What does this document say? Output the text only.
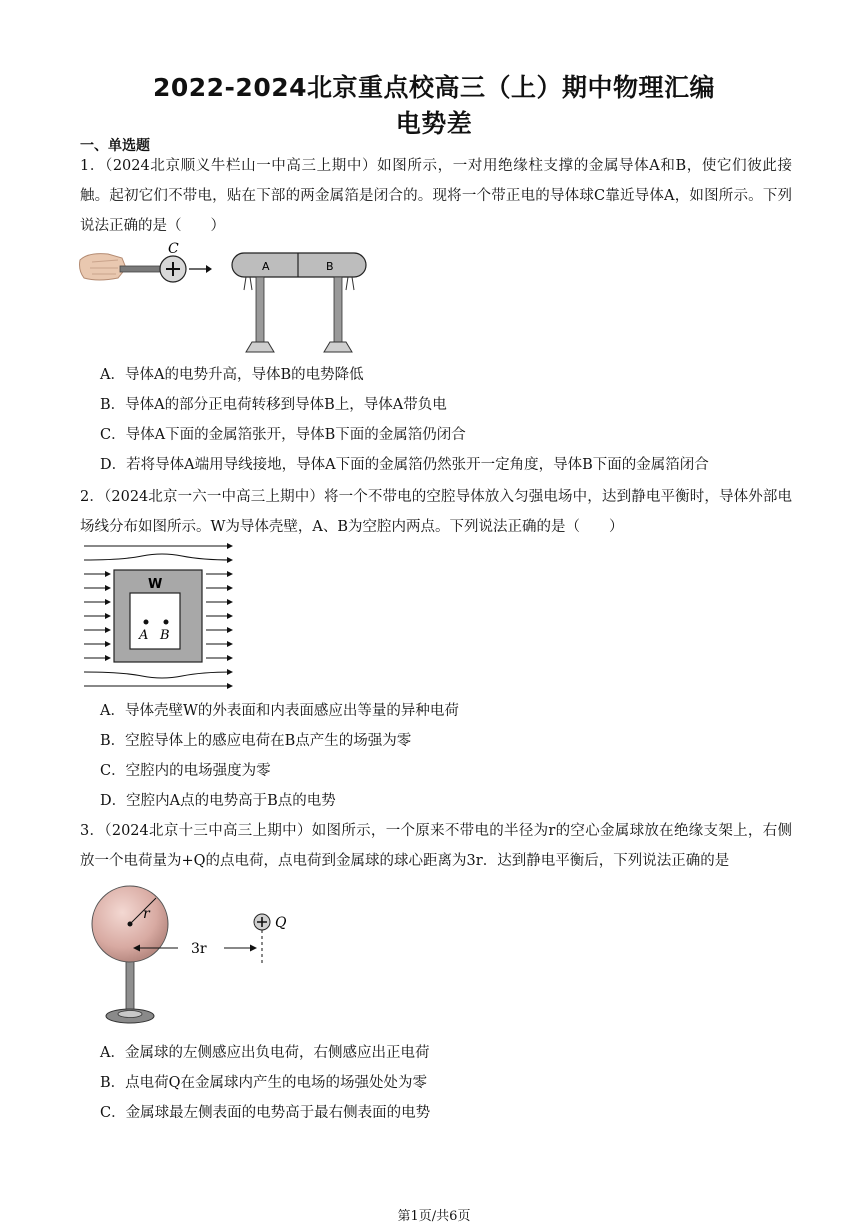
2022-2024北京重点校高三（上）期中物理汇编
电势差
一、单选题
1．（2024北京顺义牛栏山一中高三上期中）如图所示，一对用绝缘柱支撑的金属导体A和B，使它们彼此接触。起初它们不带电，贴在下部的两金属箔是闭合的。现将一个带正电的导体球C靠近导体A，如图所示。下列说法正确的是（　　）
C
A	B
A．导体A的电势升高，导体B的电势降低
B．导体A的部分正电荷转移到导体B上，导体A带负电
C．导体A下面的金属箔张开，导体B下面的金属箔仍闭合
D．若将导体A端用导线接地，导体A下面的金属箔仍然张开一定角度，导体B下面的金属箔闭合
2．（2024北京一六一中高三上期中）将一个不带电的空腔导体放入匀强电场中，达到静电平衡时，导体外部电场线分布如图所示。W为导体壳壁，A、B为空腔内两点。下列说法正确的是（　　）
W
A B
A．导体壳壁W的外表面和内表面感应出等量的异种电荷
B．空腔导体上的感应电荷在B点产生的场强为零
C．空腔内的电场强度为零
D．空腔内A点的电势高于B点的电势
3．（2024北京十三中高三上期中）如图所示，一个原来不带电的半径为r的空心金属球放在绝缘支架上，右侧放一个电荷量为+Q的点电荷，点电荷到金属球的球心距离为3r．达到静电平衡后，下列说法正确的是
r
3r
Q
A．金属球的左侧感应出负电荷，右侧感应出正电荷
B．点电荷Q在金属球内产生的电场的场强处处为零
C．金属球最左侧表面的电势高于最右侧表面的电势
第1页/共6页
